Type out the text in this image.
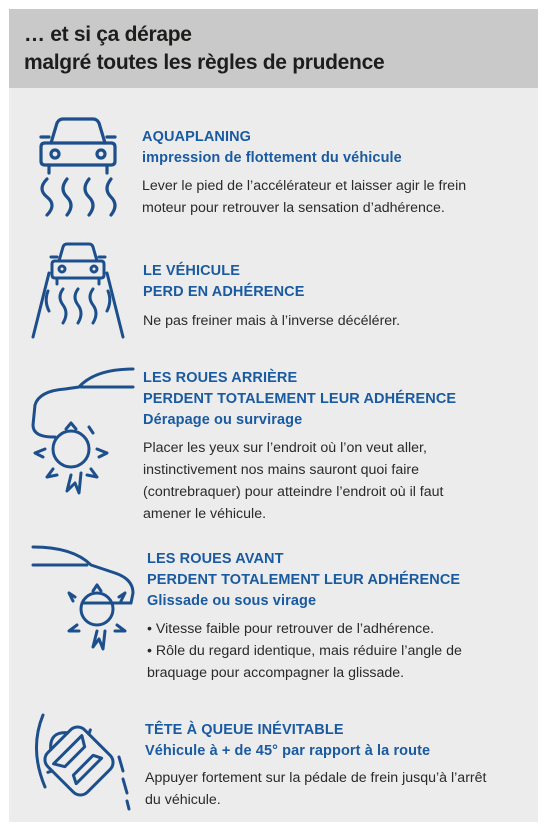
… et si ça dérape
malgré toutes les règles de prudence
AQUAPLANING
impression de flottement du véhicule
Lever le pied de l’accélérateur et laisser agir le frein
moteur pour retrouver la sensation d’adhérence.
LE VÉHICULE
PERD EN ADHÉRENCE
Ne pas freiner mais à l’inverse décélérer.
LES ROUES ARRIÈRE
PERDENT TOTALEMENT LEUR ADHÉRENCE
Dérapage ou survirage
Placer les yeux sur l’endroit où l’on veut aller,
instinctivement nos mains sauront quoi faire
(contrebraquer) pour atteindre l’endroit où il faut
amener le véhicule.
LES ROUES AVANT
PERDENT TOTALEMENT LEUR ADHÉRENCE
Glissade ou sous virage
• Vitesse faible pour retrouver de l’adhérence.
• Rôle du regard identique, mais réduire l’angle de
braquage pour accompagner la glissade.
TÊTE À QUEUE INÉVITABLE
Véhicule à + de 45° par rapport à la route
Appuyer fortement sur la pédale de frein jusqu’à l’arrêt
du véhicule.
